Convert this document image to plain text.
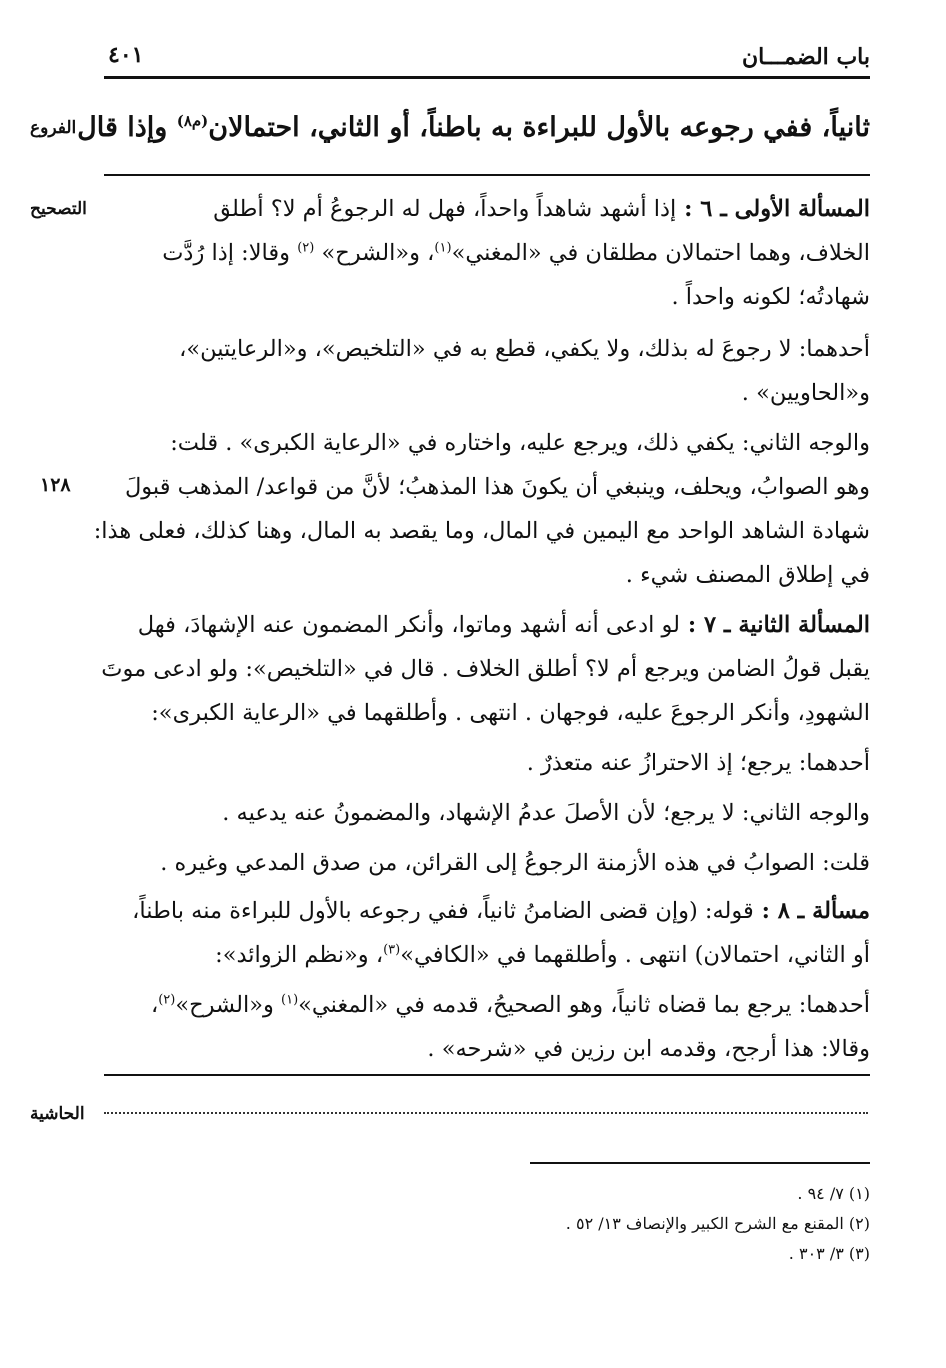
باب الضمـــان
٤٠١
الفروع	ثانياً، ففي رجوعه بالأول للبراءة به باطناً، أو الثاني، احتمالان$^{(م٨)}$ وإذا قال
التصحيح
١٢٨
المسألة الأولى ـ ٦ : إذا أشهد شاهداً واحداً، فهل له الرجوعُ أم لا؟ أطلق
الخلاف، وهما احتمالان مطلقان في «المغني»$^{(١)}$، و«الشرح» $^{(٢)}$ وقالا: إذا رُدَّت
شهادتُه؛ لكونه واحداً .
أحدهما: لا رجوعَ له بذلك، ولا يكفي، قطع به في «التلخيص»، و«الرعايتين»،
و«الحاويين» .
والوجه الثاني: يكفي ذلك، ويرجع عليه، واختاره في «الرعاية الكبرى» . قلت:
وهو الصوابُ، ويحلف، وينبغي أن يكونَ هذا المذهبُ؛ لأنَّ من قواعد/ المذهب قبولَ
شهادة الشاهد الواحد مع اليمين في المال، وما يقصد به المال، وهنا كذلك، فعلى هذا:
في إطلاق المصنف شيء .
المسألة الثانية ـ ٧ : لو ادعى أنه أشهد وماتوا، وأنكر المضمون عنه الإشهادَ، فهل
يقبل قولُ الضامن ويرجع أم لا؟ أطلق الخلاف . قال في «التلخيص»: ولو ادعى موتَ
الشهودِ، وأنكر الرجوعَ عليه، فوجهان . انتهى . وأطلقهما في «الرعاية الكبرى»:
أحدهما: يرجع؛ إذ الاحترازُ عنه متعذرٌ .
والوجه الثاني: لا يرجع؛ لأن الأصلَ عدمُ الإشهاد، والمضمونُ عنه يدعيه .
قلت: الصوابُ في هذه الأزمنة الرجوعُ إلى القرائن، من صدق المدعي وغيره .
مسألة ـ ٨ : قوله: (وإن قضى الضامنُ ثانياً، ففي رجوعه بالأول للبراءة منه باطناً،
أو الثاني، احتمالان) انتهى . وأطلقهما في «الكافي»$^{(٣)}$، و«نظم الزوائد»:
أحدهما: يرجع بما قضاه ثانياً، وهو الصحيحُ، قدمه في «المغني»$^{(١)}$ و«الشرح»$^{(٢)}$،
وقالا: هذا أرجح، وقدمه ابن رزين في «شرحه» .
الحاشية
(١) ٧/ ٩٤ .
(٢) المقنع مع الشرح الكبير والإنصاف ١٣/ ٥٢ .
(٣) ٣/ ٣٠٣ .
